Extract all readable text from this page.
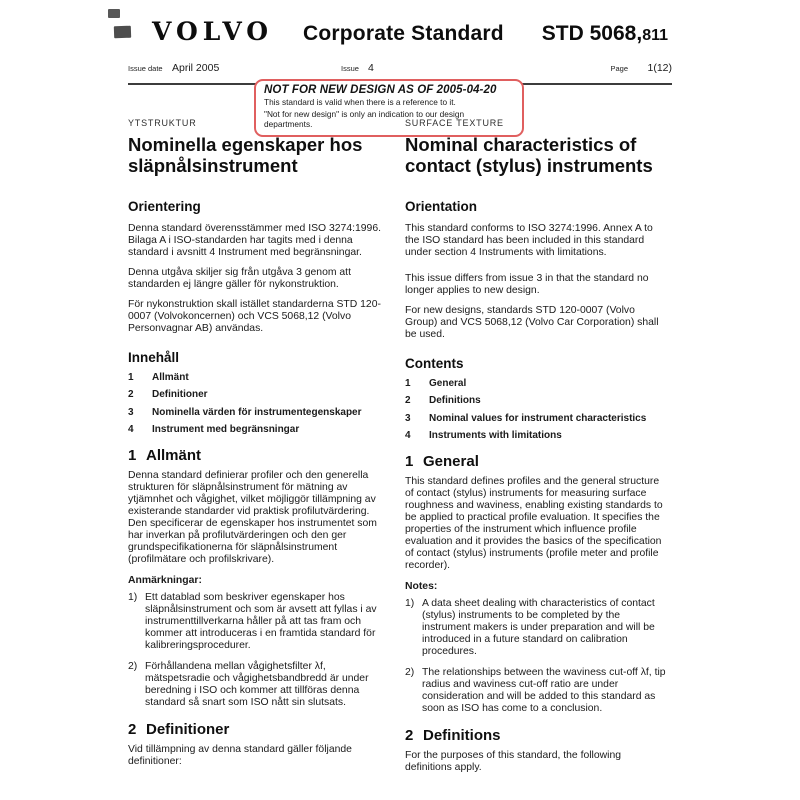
VOLVO Corporate Standard STD 5068,811
Issue date April 2005	Issue 4	Page 1(12)
NOT FOR NEW DESIGN AS OF 2005-04-20
This standard is valid when there is a reference to it.
"Not for new design" is only an indication to our design departments.
YTSTRUKTUR
Nominella egenskaper hos släpnålsinstrument
Orientering

Denna standard överensstämmer med ISO 3274:1996. Bilaga A i ISO-standarden har tagits med i denna standard i avsnitt 4 Instrument med begränsningar.

Denna utgåva skiljer sig från utgåva 3 genom att standarden ej längre gäller för nykonstruktion.

För nykonstruktion skall istället standarderna STD 120-0007 (Volvokoncernen) och VCS 5068,12 (Volvo Personvagnar AB) användas.

Innehåll
1 Allmänt
2 Definitioner
3 Nominella värden för instrumentegenskaper
4 Instrument med begränsningar
1 Allmänt

Denna standard definierar profiler och den generella strukturen för släpnålsinstrument för mätning av ytjämnhet och vågighet, vilket möjliggör tillämpning av existerande standarder vid praktisk profilutvärdering. Den specificerar de egenskaper hos instrumentet som har inverkan på profilutvärderingen och den ger grundspecifikationerna för släpnålsinstrument (profilmätare och profilskrivare).

Anmärkningar:
1) Ett datablad som beskriver egenskaper hos släpnålsinstrument och som är avsett att fyllas i av instrumenttillverkarna håller på att tas fram och kommer att introduceras i en framtida standard för kalibreringsprocedurer.
2) Förhållandena mellan vågighetsfilter λf, mätspetsradie och vågighetsbandbredd är under beredning i ISO och kommer att tillföras denna standard så snart som ISO nått sin slutsats.
2 Definitioner

Vid tillämpning av denna standard gäller följande definitioner:

SURFACE TEXTURE
Nominal characteristics of contact (stylus) instruments
Orientation

This standard conforms to ISO 3274:1996. Annex A to the ISO standard has been included in this standard under section 4 Instruments with limitations.

This issue differs from issue 3 in that the standard no longer applies to new design.

For new designs, standards STD 120-0007 (Volvo Group) and VCS 5068,12 (Volvo Car Corporation) shall be used.

Contents
1 General
2 Definitions
3 Nominal values for instrument characteristics
4 Instruments with limitations
1 General

This standard defines profiles and the general structure of contact (stylus) instruments for measuring surface roughness and waviness, enabling existing standards to be applied to practical profile evaluation. It specifies the properties of the instrument which influence profile evaluation and it provides the basics of the specification of contact (stylus) instruments (profile meter and profile recorder).

Notes:
1) A data sheet dealing with characteristics of contact (stylus) instruments to be completed by the instrument makers is under preparation and will be introduced in a future standard on calibration procedures.
2) The relationships between the waviness cut-off λf, tip radius and waviness cut-off ratio are under consideration and will be added to this standard as soon as ISO has come to a conclusion.
2 Definitions

For the purposes of this standard, the following definitions apply.
